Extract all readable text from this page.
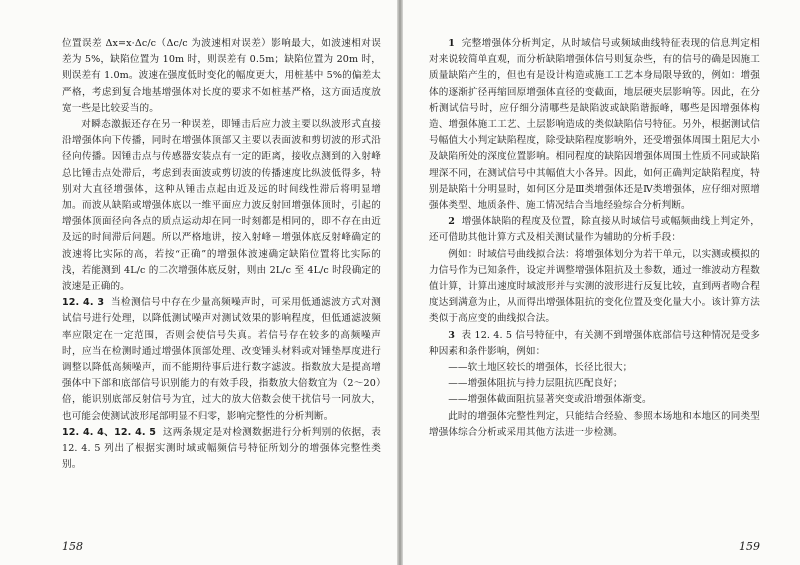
位置误差 Δx=x·Δc/c（Δc/c 为波速相对误差）影响最大，如波速相对误差为 5%，缺陷位置为 10m 时，则误差有 0.5m；缺陷位置为 20m 时，则误差有 1.0m。波速在强度低时变化的幅度更大，用桩基中 5%的偏差太严格，考虑到复合地基增强体对长度的要求不如桩基严格，这方面适度放宽一些是比较妥当的。

对瞬态激振还存在另一种误差，即锤击后应力波主要以纵波形式直接沿增强体向下传播，同时在增强体顶部又主要以表面波和剪切波的形式沿径向传播。因锤击点与传感器安装点有一定的距离，接收点测到的入射峰总比锤击点处滞后，考虑到表面波或剪切波的传播速度比纵波低得多，特别对大直径增强体，这种从锤击点起由近及远的时间线性滞后将明显增加。而波从缺陷或增强体底以一维平面应力波反射回增强体顶时，引起的增强体顶面径向各点的质点运动却在同一时刻都是相同的，即不存在由近及远的时间滞后问题。所以严格地讲，按入射峰－增强体底反射峰确定的波速将比实际的高，若按“正确”的增强体波速确定缺陷位置将比实际的浅，若能测到 4L/c 的二次增强体底反射，则由 2L/c 至 4L/c 时段确定的波速是正确的。

12. 4. 3 当检测信号中存在少量高频噪声时，可采用低通滤波方式对测试信号进行处理，以降低测试噪声对测试效果的影响程度，但低通滤波频率应限定在一定范围，否则会使信号失真。若信号存在较多的高频噪声时，应当在检测时通过增强体顶部处理、改变锤头材料或对锤垫厚度进行调整以降低高频噪声，而不能期待事后进行数字滤波。指数放大是提高增强体中下部和底部信号识别能力的有效手段，指数放大倍数宜为（2～20）倍，能识别底部反射信号为宜，过大的放大倍数会使干扰信号一同放大，也可能会使测试波形尾部明显不归零，影响完整性的分析判断。

12. 4. 4、12. 4. 5 这两条规定是对检测数据进行分析判别的依据，表 12. 4. 5 列出了根据实测时域或幅频信号特征所划分的增强体完整性类别。

158

1 完整增强体分析判定，从时域信号或频域曲线特征表现的信息判定相对来说较简单直观，而分析缺陷增强体信号则复杂些，有的信号的确是因施工质量缺陷产生的，但也有是设计构造或施工工艺本身局限导致的，例如：增强体的逐渐扩径再缩回原增强体直径的变截面，地层硬夹层影响等。因此，在分析测试信号时，应仔细分清哪些是缺陷波或缺陷谐振峰，哪些是因增强体构造、增强体施工工艺、土层影响造成的类似缺陷信号特征。另外，根据测试信号幅值大小判定缺陷程度，除受缺陷程度影响外，还受增强体周围土阻尼大小及缺陷所处的深度位置影响。相同程度的缺陷因增强体周围土性质不同或缺陷埋深不同，在测试信号中其幅值大小各异。因此，如何正确判定缺陷程度，特别是缺陷十分明显时，如何区分是Ⅲ类增强体还是Ⅳ类增强体，应仔细对照增强体类型、地质条件、施工情况结合当地经验综合分析判断。

2 增强体缺陷的程度及位置，除直接从时域信号或幅频曲线上判定外，还可借助其他计算方式及相关测试量作为辅助的分析手段：

例如：时域信号曲线拟合法：将增强体划分为若干单元，以实测或模拟的力信号作为已知条件，设定并调整增强体阻抗及土参数，通过一维波动方程数值计算，计算出速度时域波形并与实测的波形进行反复比较，直到两者吻合程度达到满意为止，从而得出增强体阻抗的变化位置及变化量大小。该计算方法类似于高应变的曲线拟合法。

3 表 12. 4. 5 信号特征中，有关测不到增强体底部信号这种情况是受多种因素和条件影响，例如：

——软土地区较长的增强体，长径比很大；

——增强体阻抗与持力层阻抗匹配良好；

——增强体截面阻抗显著突变或沿增强体渐变。

此时的增强体完整性判定，只能结合经验、参照本场地和本地区的同类型增强体综合分析或采用其他方法进一步检测。

159
